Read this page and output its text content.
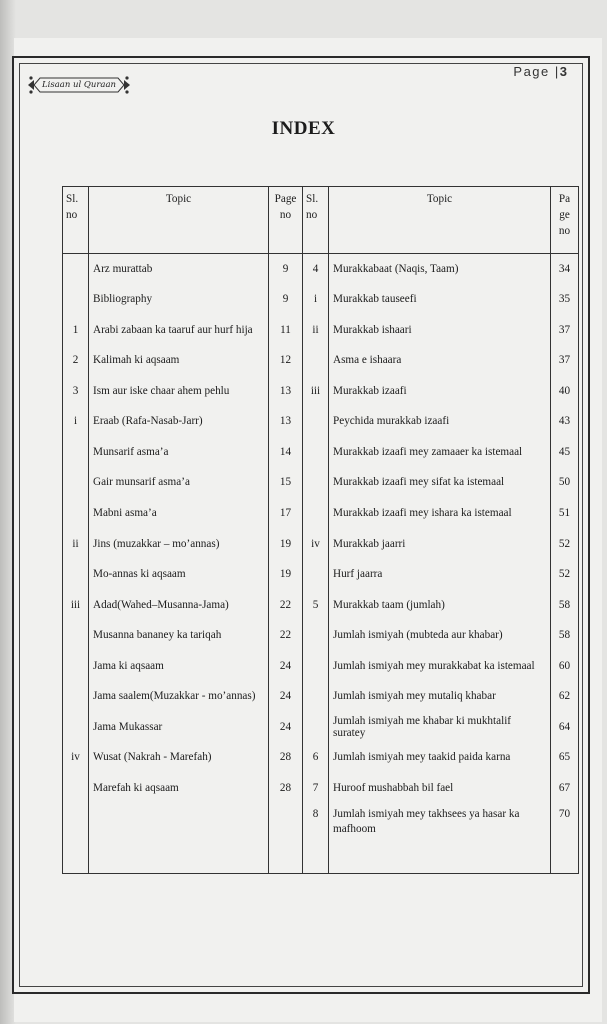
Lisaan ul Quraan
Page |3
INDEX
Sl. no	Topic	Page no	Sl. no	Topic	Pa ge no
	Arz murattab	9	4	Murakkabaat (Naqis, Taam)	34
	Bibliography	9	i	Murakkab tauseefi	35
1	Arabi zabaan ka taaruf aur hurf hija	11	ii	Murakkab ishaari	37
2	Kalimah ki aqsaam	12		Asma e ishaara	37
3	Ism aur iske chaar ahem pehlu	13	iii	Murakkab izaafi	40
i	Eraab (Rafa-Nasab-Jarr)	13		Peychida murakkab izaafi	43
	Munsarif asma’a	14		Murakkab izaafi mey zamaaer ka istemaal	45
	Gair munsarif asma’a	15		Murakkab izaafi mey sifat ka istemaal	50
	Mabni asma’a	17		Murakkab izaafi mey ishara ka istemaal	51
ii	Jins (muzakkar – mo’annas)	19	iv	Murakkab jaarri	52
	Mo-annas ki aqsaam	19		Hurf jaarra	52
iii	Adad(Wahed–Musanna-Jama)	22	5	Murakkab taam (jumlah)	58
	Musanna bananey ka tariqah	22		Jumlah ismiyah (mubteda aur khabar)	58
	Jama ki aqsaam	24		Jumlah ismiyah mey murakkabat ka istemaal	60
	Jama saalem(Muzakkar - mo’annas)	24		Jumlah ismiyah mey mutaliq khabar	62
	Jama Mukassar	24		Jumlah ismiyah me khabar ki mukhtalif suratey	64
iv	Wusat (Nakrah - Marefah)	28	6	Jumlah ismiyah mey taakid paida karna	65
	Marefah ki aqsaam	28	7	Huroof mushabbah bil fael	67
			8	Jumlah ismiyah mey takhsees ya hasar ka mafhoom	70
